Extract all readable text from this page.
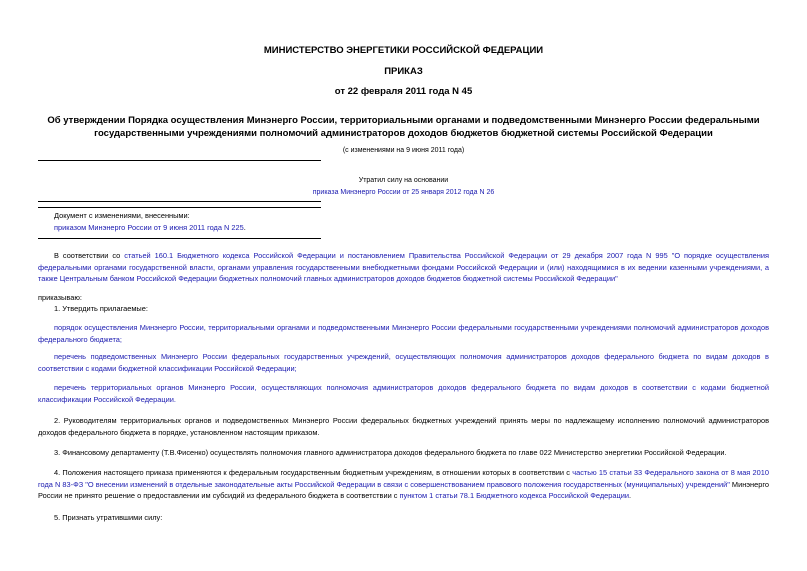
МИНИСТЕРСТВО ЭНЕРГЕТИКИ РОССИЙСКОЙ ФЕДЕРАЦИИ
ПРИКАЗ
от 22 февраля 2011 года N 45
Об утверждении Порядка осуществления Минэнерго России, территориальными органами и подведомственными Минэнерго России федеральными
государственными учреждениями полномочий администраторов доходов бюджетов бюджетной системы Российской Федерации
(с изменениями на 9 июня 2011 года)
Утратил силу на основании
приказа Минэнерго России от 25 января 2012 года N 26
Документ с изменениями, внесенными:
приказом Минэнерго России от 9 июня 2011 года N 225.
В соответствии со статьей 160.1 Бюджетного кодекса Российской Федерации и постановлением Правительства Российской Федерации от 29 декабря 2007 года N 995 "О порядке осуществления федеральными органами государственной власти, органами управления государственными внебюджетными фондами Российской Федерации и (или) находящимися в их ведении казенными учреждениями, а также Центральным банком Российской Федерации бюджетных полномочий главных администраторов доходов бюджетов бюджетной системы Российской Федерации"
приказываю:
1. Утвердить прилагаемые:
порядок осуществления Минэнерго России, территориальными органами и подведомственными Минэнерго России федеральными государственными учреждениями полномочий администраторов доходов федерального бюджета;
перечень подведомственных Минэнерго России федеральных государственных учреждений, осуществляющих полномочия администраторов доходов федерального бюджета по видам доходов в соответствии с кодами бюджетной классификации Российской Федерации;
перечень территориальных органов Минэнерго России, осуществляющих полномочия администраторов доходов федерального бюджета по видам доходов в соответствии с кодами бюджетной классификации Российской Федерации.
2. Руководителям территориальных органов и подведомственных Минэнерго России федеральных бюджетных учреждений принять меры по надлежащему исполнению полномочий администраторов доходов федерального бюджета в порядке, установленном настоящим приказом.
3. Финансовому департаменту (Т.В.Фисенко) осуществлять полномочия главного администратора доходов федерального бюджета по главе 022 Министерство энергетики Российской Федерации.
4. Положения настоящего приказа применяются к федеральным государственным бюджетным учреждениям, в отношении которых в соответствии с частью 15 статьи 33 Федерального закона от 8 мая 2010 года N 83-ФЗ "О внесении изменений в отдельные законодательные акты Российской Федерации в связи с совершенствованием правового положения государственных (муниципальных) учреждений" Минэнерго России не принято решение о предоставлении им субсидий из федерального бюджета в соответствии с пунктом 1 статьи 78.1 Бюджетного кодекса Российской Федерации.
5. Признать утратившими силу:
